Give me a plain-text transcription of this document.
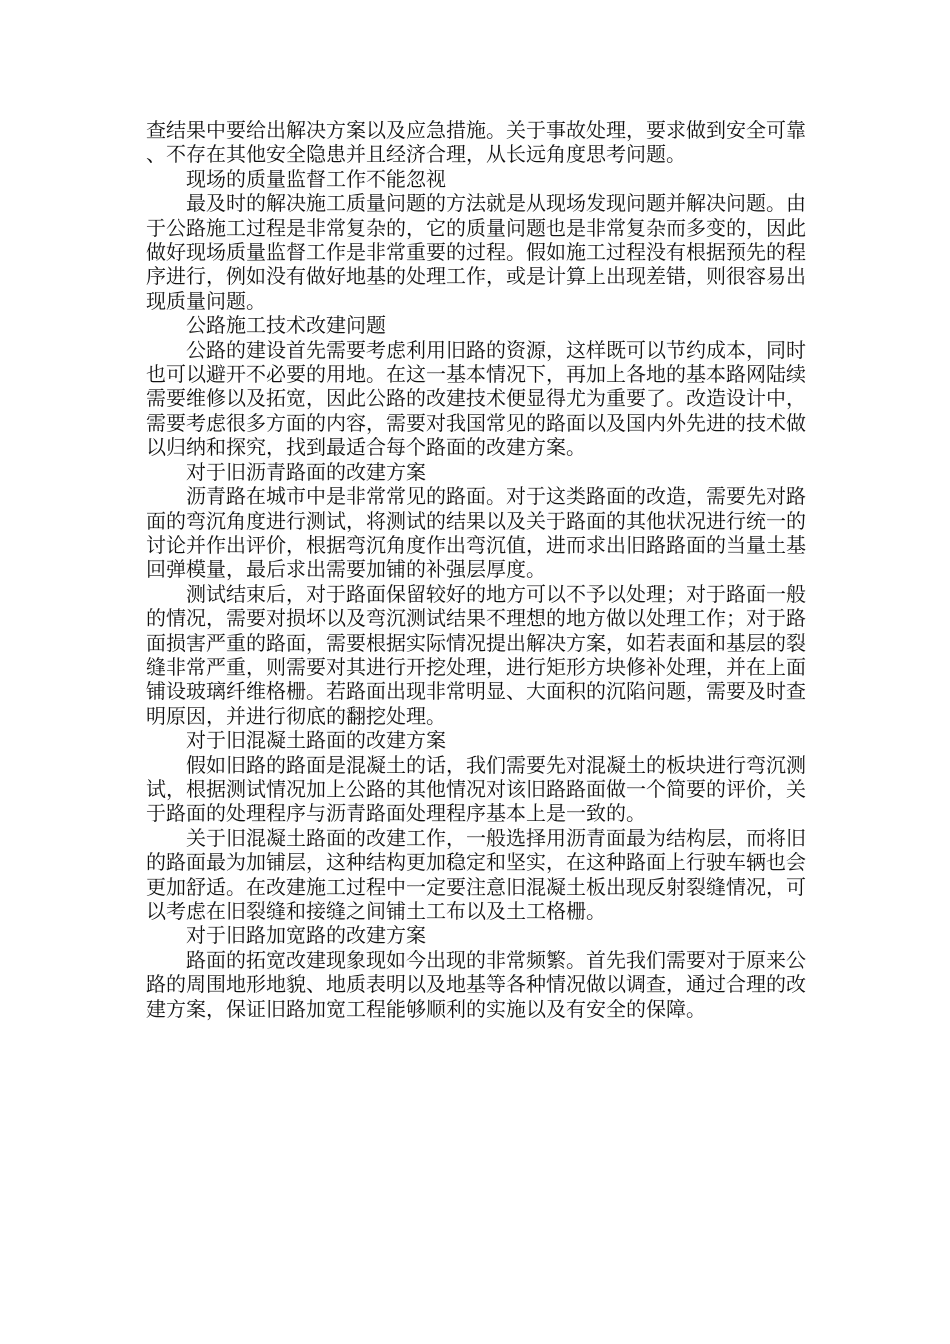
查结果中要给出解决方案以及应急措施。关于事故处理，要求做到安全可靠、不存在其他安全隐患并且经济合理，从长远角度思考问题。

现场的质量监督工作不能忽视

最及时的解决施工质量问题的方法就是从现场发现问题并解决问题。由于公路施工过程是非常复杂的，它的质量问题也是非常复杂而多变的，因此做好现场质量监督工作是非常重要的过程。假如施工过程没有根据预先的程序进行，例如没有做好地基的处理工作，或是计算上出现差错，则很容易出现质量问题。

公路施工技术改建问题

公路的建设首先需要考虑利用旧路的资源，这样既可以节约成本，同时也可以避开不必要的用地。在这一基本情况下，再加上各地的基本路网陆续需要维修以及拓宽，因此公路的改建技术便显得尤为重要了。改造设计中，需要考虑很多方面的内容，需要对我国常见的路面以及国内外先进的技术做以归纳和探究，找到最适合每个路面的改建方案。

对于旧沥青路面的改建方案

沥青路在城市中是非常常见的路面。对于这类路面的改造，需要先对路面的弯沉角度进行测试，将测试的结果以及关于路面的其他状况进行统一的讨论并作出评价，根据弯沉角度作出弯沉值，进而求出旧路路面的当量土基回弹模量，最后求出需要加铺的补强层厚度。

测试结束后，对于路面保留较好的地方可以不予以处理；对于路面一般的情况，需要对损坏以及弯沉测试结果不理想的地方做以处理工作；对于路面损害严重的路面，需要根据实际情况提出解决方案，如若表面和基层的裂缝非常严重，则需要对其进行开挖处理，进行矩形方块修补处理，并在上面铺设玻璃纤维格栅。若路面出现非常明显、大面积的沉陷问题，需要及时查明原因，并进行彻底的翻挖处理。

对于旧混凝土路面的改建方案

假如旧路的路面是混凝土的话，我们需要先对混凝土的板块进行弯沉测试，根据测试情况加上公路的其他情况对该旧路路面做一个简要的评价，关于路面的处理程序与沥青路面处理程序基本上是一致的。

关于旧混凝土路面的改建工作，一般选择用沥青面最为结构层，而将旧的路面最为加铺层，这种结构更加稳定和坚实，在这种路面上行驶车辆也会更加舒适。在改建施工过程中一定要注意旧混凝土板出现反射裂缝情况，可以考虑在旧裂缝和接缝之间铺土工布以及土工格栅。

对于旧路加宽路的改建方案

路面的拓宽改建现象现如今出现的非常频繁。首先我们需要对于原来公路的周围地形地貌、地质表明以及地基等各种情况做以调查，通过合理的改建方案，保证旧路加宽工程能够顺利的实施以及有安全的保障。
